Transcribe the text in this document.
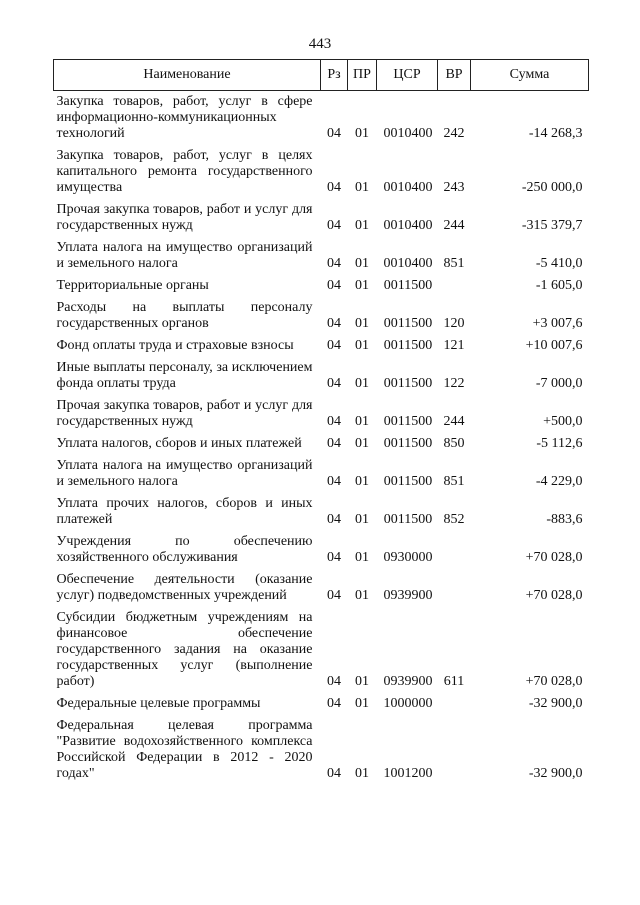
443
Наименование	Рз	ПР	ЦСР	ВР	Сумма
Закупка товаров, работ, услуг в сфере информационно-коммуникационных технологий	04	01	0010400	242	-14 268,3
Закупка товаров, работ, услуг в целях капитального ремонта государственного имущества	04	01	0010400	243	-250 000,0
Прочая закупка товаров, работ и услуг для государственных нужд	04	01	0010400	244	-315 379,7
Уплата налога на имущество организаций и земельного налога	04	01	0010400	851	-5 410,0
Территориальные органы	04	01	0011500		-1 605,0
Расходы на выплаты персоналу государственных органов	04	01	0011500	120	+3 007,6
Фонд оплаты труда и страховые взносы	04	01	0011500	121	+10 007,6
Иные выплаты персоналу, за исключением фонда оплаты труда	04	01	0011500	122	-7 000,0
Прочая закупка товаров, работ и услуг для государственных нужд	04	01	0011500	244	+500,0
Уплата налогов, сборов и иных платежей	04	01	0011500	850	-5 112,6
Уплата налога на имущество организаций и земельного налога	04	01	0011500	851	-4 229,0
Уплата прочих налогов, сборов и иных платежей	04	01	0011500	852	-883,6
Учреждения по обеспечению хозяйственного обслуживания	04	01	0930000		+70 028,0
Обеспечение деятельности (оказание услуг) подведомственных учреждений	04	01	0939900		+70 028,0
Субсидии бюджетным учреждениям на финансовое обеспечение государственного задания на оказание государственных услуг (выполнение работ)	04	01	0939900	611	+70 028,0
Федеральные целевые программы	04	01	1000000		-32 900,0
Федеральная целевая программа "Развитие водохозяйственного комплекса Российской Федерации в 2012 - 2020 годах"	04	01	1001200		-32 900,0
